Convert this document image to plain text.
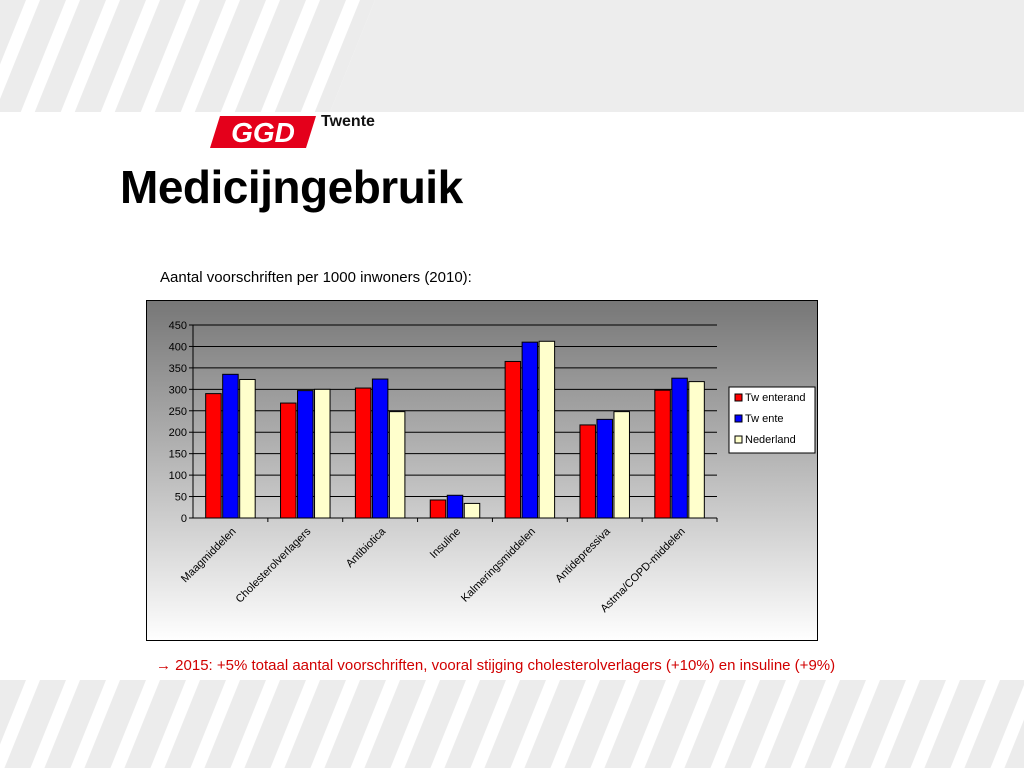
GGD Twente
Medicijngebruik
Aantal voorschriften per 1000 inwoners (2010):
0
50
100
150
200
250
300
350
400
450
Maagmiddelen
Cholesterolverlagers	Antibiotica	Insuline
Kalmeringsmiddelen Antidepressiva
Astma/COPD-middelen
Tw enterand
Tw ente
Nederland
→ 2015: +5% totaal aantal voorschriften, vooral stijging cholesterolverlagers (+10%) en insuline (+9%)
